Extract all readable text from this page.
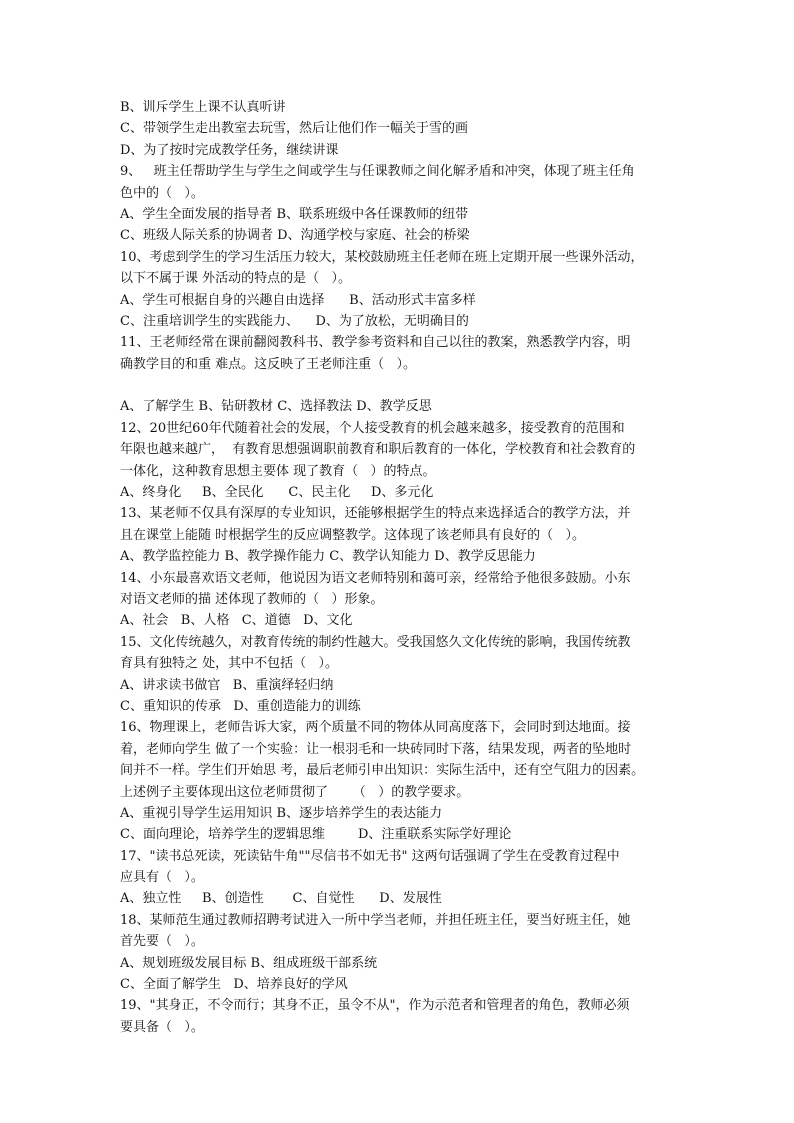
B、训斥学生上课不认真听讲
C、带领学生走出教室去玩雪，然后让他们作一幅关于雪的画
D、为了按时完成教学任务，继续讲课
9、   班主任帮助学生与学生之间或学生与任课教师之间化解矛盾和冲突，体现了班主任角
色中的（   ）。
A、学生全面发展的指导者 B、联系班级中各任课教师的纽带
C、班级人际关系的协调者 D、沟通学校与家庭、社会的桥梁
10、考虑到学生的学习生活压力较大，某校鼓励班主任老师在班上定期开展一些课外活动，
以下不属于课 外活动的特点的是（   ）。
A、学生可根据自身的兴趣自由选择      B、活动形式丰富多样
C、注重培训学生的实践能力、    D、为了放松，无明确目的
11、王老师经常在课前翻阅教科书、教学参考资料和自己以往的教案，熟悉教学内容，明
确教学目的和重 难点。这反映了王老师注重（   ）。
A、了解学生 B、钻研教材 C、选择教法 D、教学反思
12、20世纪60年代随着社会的发展，个人接受教育的机会越来越多，接受教育的范围和
年限也越来越广，  有教育思想强调职前教育和职后教育的一体化，学校教育和社会教育的
一体化，这种教育思想主要体 现了教育（   ）的特点。
A、终身化     B、全民化      C、民主化     D、多元化
13、某老师不仅具有深厚的专业知识，还能够根据学生的特点来选择适合的教学方法，并
且在课堂上能随 时根据学生的反应调整教学。这体现了该老师具有良好的（   ）。
A、教学监控能力 B、教学操作能力 C、教学认知能力 D、教学反思能力
14、小东最喜欢语文老师，他说因为语文老师特别和蔼可亲，经常给予他很多鼓励。小东
对语文老师的描 述体现了教师的（   ）形象。
A、社会   B、人格   C、道德   D、文化
15、文化传统越久，对教育传统的制约性越大。受我国悠久文化传统的影响，我国传统教
育具有独特之 处，其中不包括（   ）。
A、讲求读书做官   B、重演绎轻归纳
C、重知识的传承   D、重创造能力的训练
16、物理课上，老师告诉大家，两个质量不同的物体从同高度落下，会同时到达地面。接
着，老师向学生 做了一个实验：让一根羽毛和一块砖同时下落，结果发现，两者的坠地时
间并不一样。学生们开始思 考，最后老师引申出知识：实际生活中，还有空气阻力的因素。
上述例子主要体现出这位老师贯彻了      （   ）的教学要求。
A、重视引导学生运用知识 B、逐步培养学生的表达能力
C、面向理论，培养学生的逻辑思维        D、注重联系实际学好理论
17、"读书总死读，死读钻牛角""尽信书不如无书" 这两句话强调了学生在受教育过程中
应具有（   ）。
A、独立性     B、创造性       C、自觉性      D、发展性
18、某师范生通过教师招聘考试进入一所中学当老师，并担任班主任，要当好班主任，她
首先要（   ）。
A、规划班级发展目标 B、组成班级干部系统
C、全面了解学生   D、培养良好的学风
19、"其身正，不令而行；其身不正，虽令不从"，作为示范者和管理者的角色，教师必须
要具备（   ）。
